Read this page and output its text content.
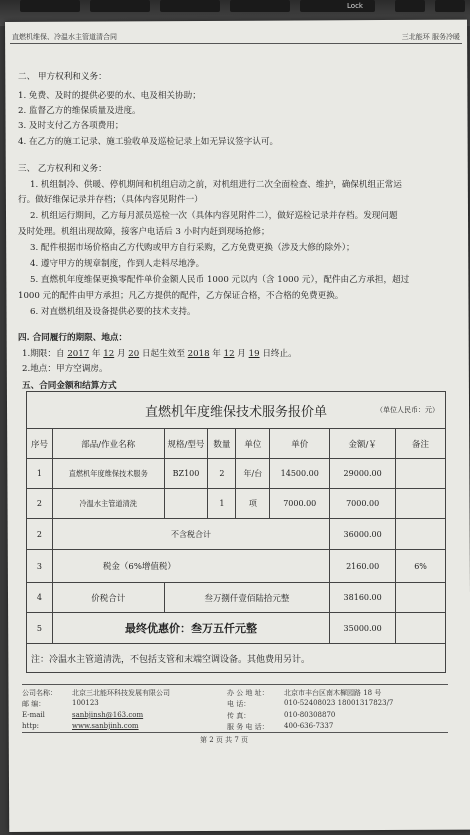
Lock
直燃机维保、冷温水主管道清合同	三北能环 服务冷暖
二、 甲方权利和义务：
1. 免费、及时的提供必要的水、电及相关协助；
2. 监督乙方的维保质量及进度。
3. 及时支付乙方各项费用；
4. 在乙方的施工记录、施工验收单及巡检记录上如无异议签字认可。
三、 乙方权利和义务：
1. 机组制冷、供暖、停机期间和机组启动之前，对机组进行二次全面检查、维护，确保机组正常运
行。做好维保记录并存档；（具体内容见附件一）
2. 机组运行期间，乙方每月派员巡检一次（具体内容见附件二），做好巡检记录并存档。发现问题
及时处理。机组出现故障，接客户电话后 3 小时内赶到现场抢修；
3. 配件根据市场价格由乙方代购或甲方自行采购，乙方免费更换（涉及大修的除外）；
4. 遵守甲方的规章制度，作到人走料尽地净。
5. 直燃机年度维保更换零配件单价金额人民币 1000 元以内（含 1000 元），配件由乙方承担，超过
1000 元的配件由甲方承担；凡乙方提供的配件，乙方保证合格，不合格的免费更换。
6. 对直燃机组及设备提供必要的技术支持。
四. 合同履行的期限、地点：
1.期限：自 2017 年 12 月 20 日起生效至 2018 年 12 月 19 日终止。
2.地点：甲方空调房。
五、合同金额和结算方式
直燃机年度维保技术服务报价单 （单位人民币：元）							

序号	部品/作业名称	规格/型号	数量	单位	单价	金额/￥	备注
1	直燃机年度维保技术服务	BZ100	2	年/台	14500.00	29000.00	
2	冷温水主管道清洗		1	项	7000.00	7000.00	
2	不含税合计					36000.00	
3	税金（6%增值税）					2160.00	6%
4	价税合计	叁万捌仟壹佰陆拾元整				38160.00	
5	最终优惠价：叁万五仟元整					35000.00	
注：冷温水主管道清洗，不包括支管和末端空调设备。其他费用另计。							
公司名称： 北京三北能环科技发展有限公司	办 公 地 址： 北京市丰台区南木樨园路 18 号
邮 编：	100123	电 话：	010-52408023 18001317823/7
E-mail	sanbjinsh@163.com	传 真：	010-80308870
http:	www.sanbjinh.com	服 务 电 话： 400-636-7337
第 2 页 共 7 页
